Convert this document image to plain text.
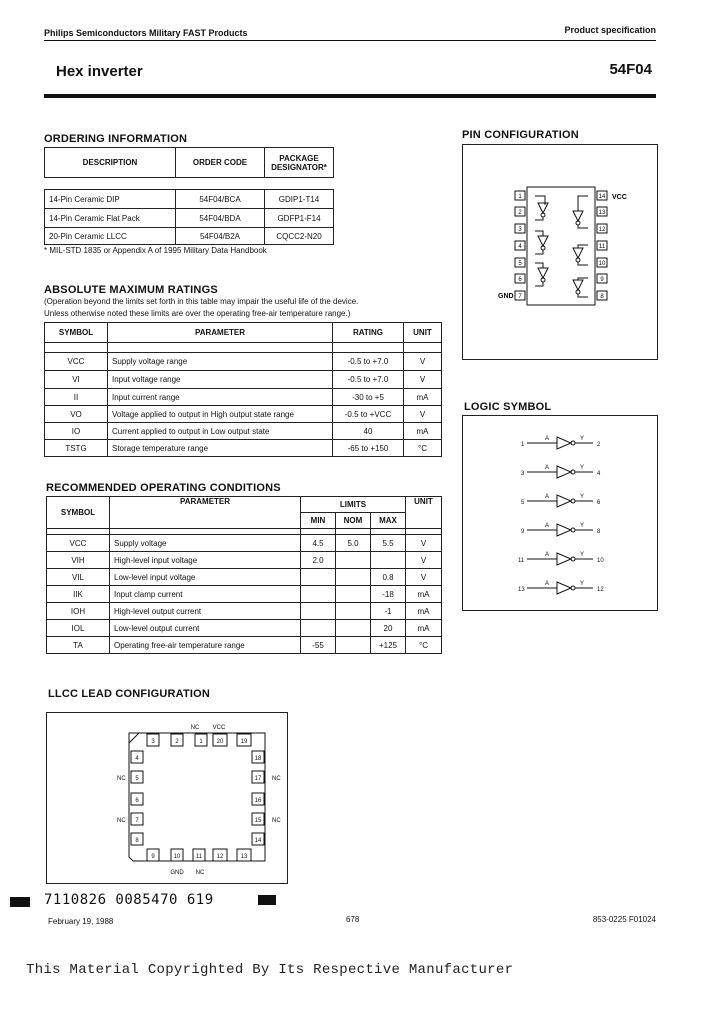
Philips Semiconductors Military FAST Products	Product specification
Hex inverter	54F04
ORDERING INFORMATION
DESCRIPTION	ORDER CODE	PACKAGE DESIGNATOR*

14-Pin Ceramic DIP	54F04/BCA	GDIP1-T14
14-Pin Ceramic Flat Pack	54F04/BDA	GDFP1-F14
20-Pin Ceramic LLCC	54F04/B2A	CQCC2-N20
* MIL-STD 1835 or Appendix A of 1995 Military Data Handbook
ABSOLUTE MAXIMUM RATINGS
(Operation beyond the limits set forth in this table may impair the useful life of the device.
Unless otherwise noted these limits are over the operating free-air temperature range.)
SYMBOL	PARAMETER	RATING	UNIT

VCC	Supply voltage range	-0.5 to +7.0	V
VI	Input voltage range	-0.5 to +7.0	V
II	Input current range	-30 to +5	mA
VO	Voltage applied to output in High output state range	-0.5 to +VCC	V
IO	Current applied to output in Low output state	40	mA
TSTG	Storage temperature range	-65 to +150	°C
RECOMMENDED OPERATING CONDITIONS
SYMBOL	PARAMETER	LIMITS			UNIT
		MIN	NOM	MAX	

VCC	Supply voltage	4.5	5.0	5.5	V
VIH	High-level input voltage	2.0			V
VIL	Low-level input voltage			0.8	V
IIK	Input clamp current			-18	mA
IOH	High-level output current			-1	mA
IOL	Low-level output current			20	mA
TA	Operating free-air temperature range	-55		+125	°C
PIN CONFIGURATION
1
2
3
4
5
6
7
14
13
12
11
10
9
8
VCC
GND
LOGIC SYMBOL
1
A	Y
2
3
A	Y
4
5
A	Y
6
9
A	Y
8
11
A	Y
10
13
A	Y
12
LLCC LEAD CONFIGURATION
3	2	1 20	19
NC VCC
18
17
16
15
14
NC
NC
9	10	11 12	13
GND NC
4
5
6
7
8
NC
NC
7110826 0085470 619
February 19, 1988	678	853-0225 F01024
This Material Copyrighted By Its Respective Manufacturer
